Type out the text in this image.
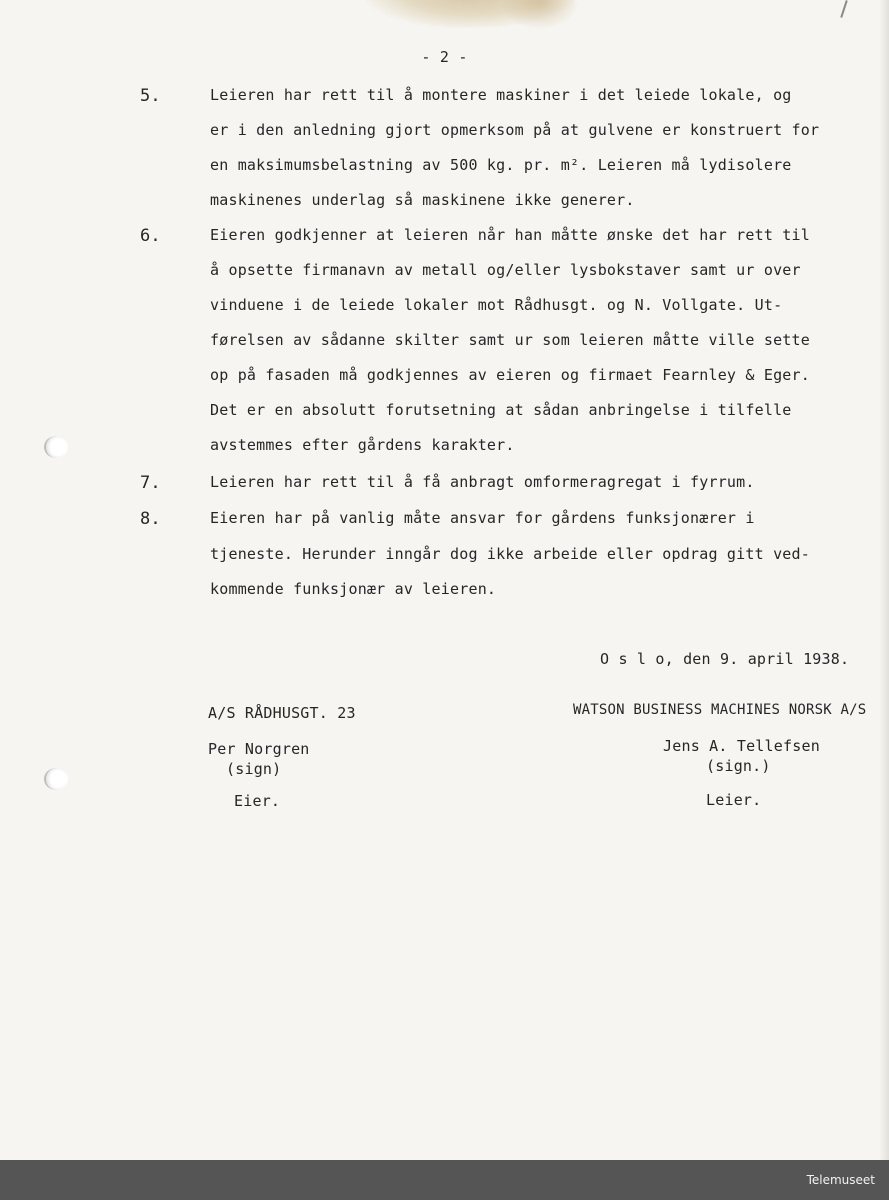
- 2 -
5.	Leieren har rett til å montere maskiner i det leiede lokale, og
er i den anledning gjort opmerksom på at gulvene er konstruert for
en maksimumsbelastning av 500 kg. pr. m². Leieren må lydisolere
maskinenes underlag så maskinene ikke generer.
6.	Eieren godkjenner at leieren når han måtte ønske det har rett til
å opsette firmanavn av metall og/eller lysbokstaver samt ur over
vinduene i de leiede lokaler mot Rådhusgt. og N. Vollgate. Ut-
førelsen av sådanne skilter samt ur som leieren måtte ville sette
op på fasaden må godkjennes av eieren og firmaet Fearnley & Eger.
Det er en absolutt forutsetning at sådan anbringelse i tilfelle
avstemmes efter gårdens karakter.
7.	Leieren har rett til å få anbragt omformeragregat i fyrrum.
8.	Eieren har på vanlig måte ansvar for gårdens funksjonærer i
tjeneste. Herunder inngår dog ikke arbeide eller opdrag gitt ved-
kommende funksjonær av leieren.
O s l o, den 9. april 1938.
A/S RÅDHUSGT. 23
Per Norgren
(sign)
Eier.
WATSON BUSINESS MACHINES NORSK A/S
Jens A. Tellefsen
(sign.)
Leier.
Telemuseet
